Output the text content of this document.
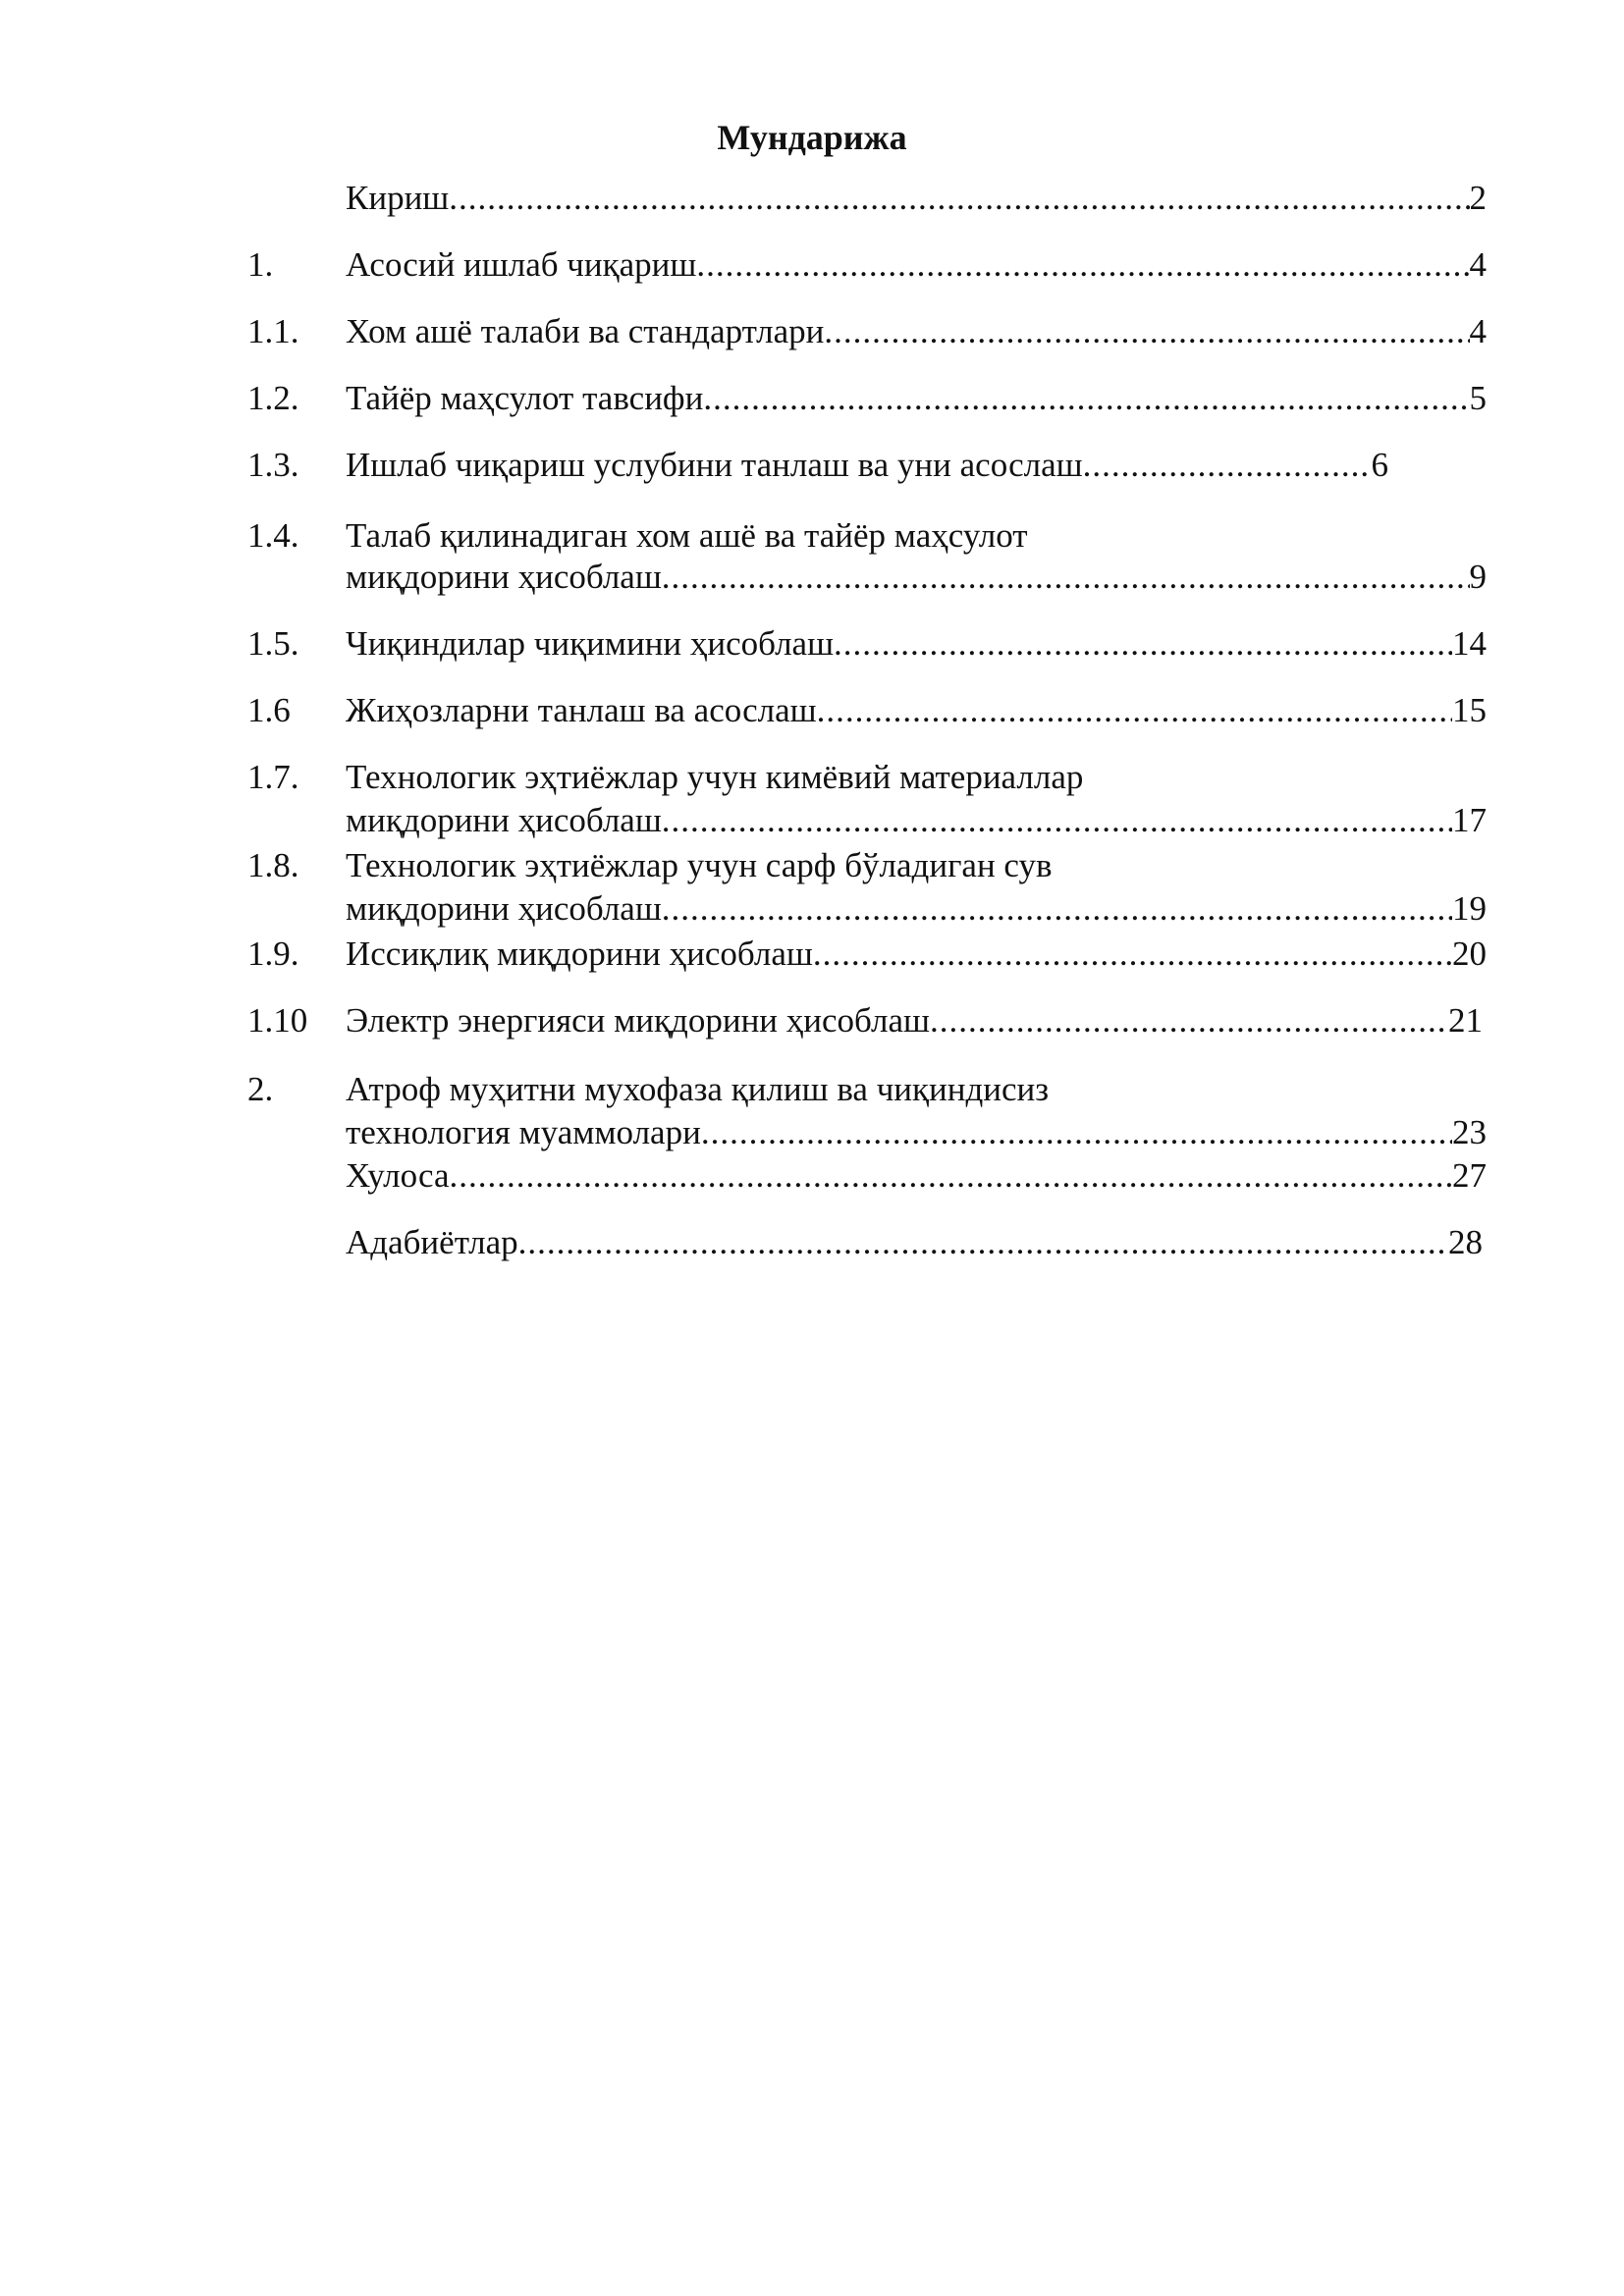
Мундарижа
Кириш .....	2
1. Асосий ишлаб чиқариш .....	4
1.1. Хом ашё талаби ва стандартлари .....	4
1.2. Тайёр маҳсулот тавсифи .....	5
1.3. Ишлаб чиқариш услубини танлаш ва уни асослаш .....	6
1.4. Талаб қилинадиган хом ашё ва тайёр маҳсулот
миқдорини ҳисоблаш .....	9
1.5. Чиқиндилар чиқимини ҳисоблаш .....	14
1.6 Жиҳозларни танлаш ва асослаш .....	15
1.7. Технологик эҳтиёжлар учун кимёвий материаллар
миқдорини ҳисоблаш .....	17
1.8. Технологик эҳтиёжлар учун сарф бўладиган сув
миқдорини ҳисоблаш .....	19
1.9. Иссиқлиқ миқдорини ҳисоблаш .....	20
1.10 Электр энергияси миқдорини ҳисоблаш .....	21
2. Атроф муҳитни мухофаза қилиш ва чиқиндисиз
технология муаммолари .....	23
Хулоса .....	27
Адабиётлар .....	28
